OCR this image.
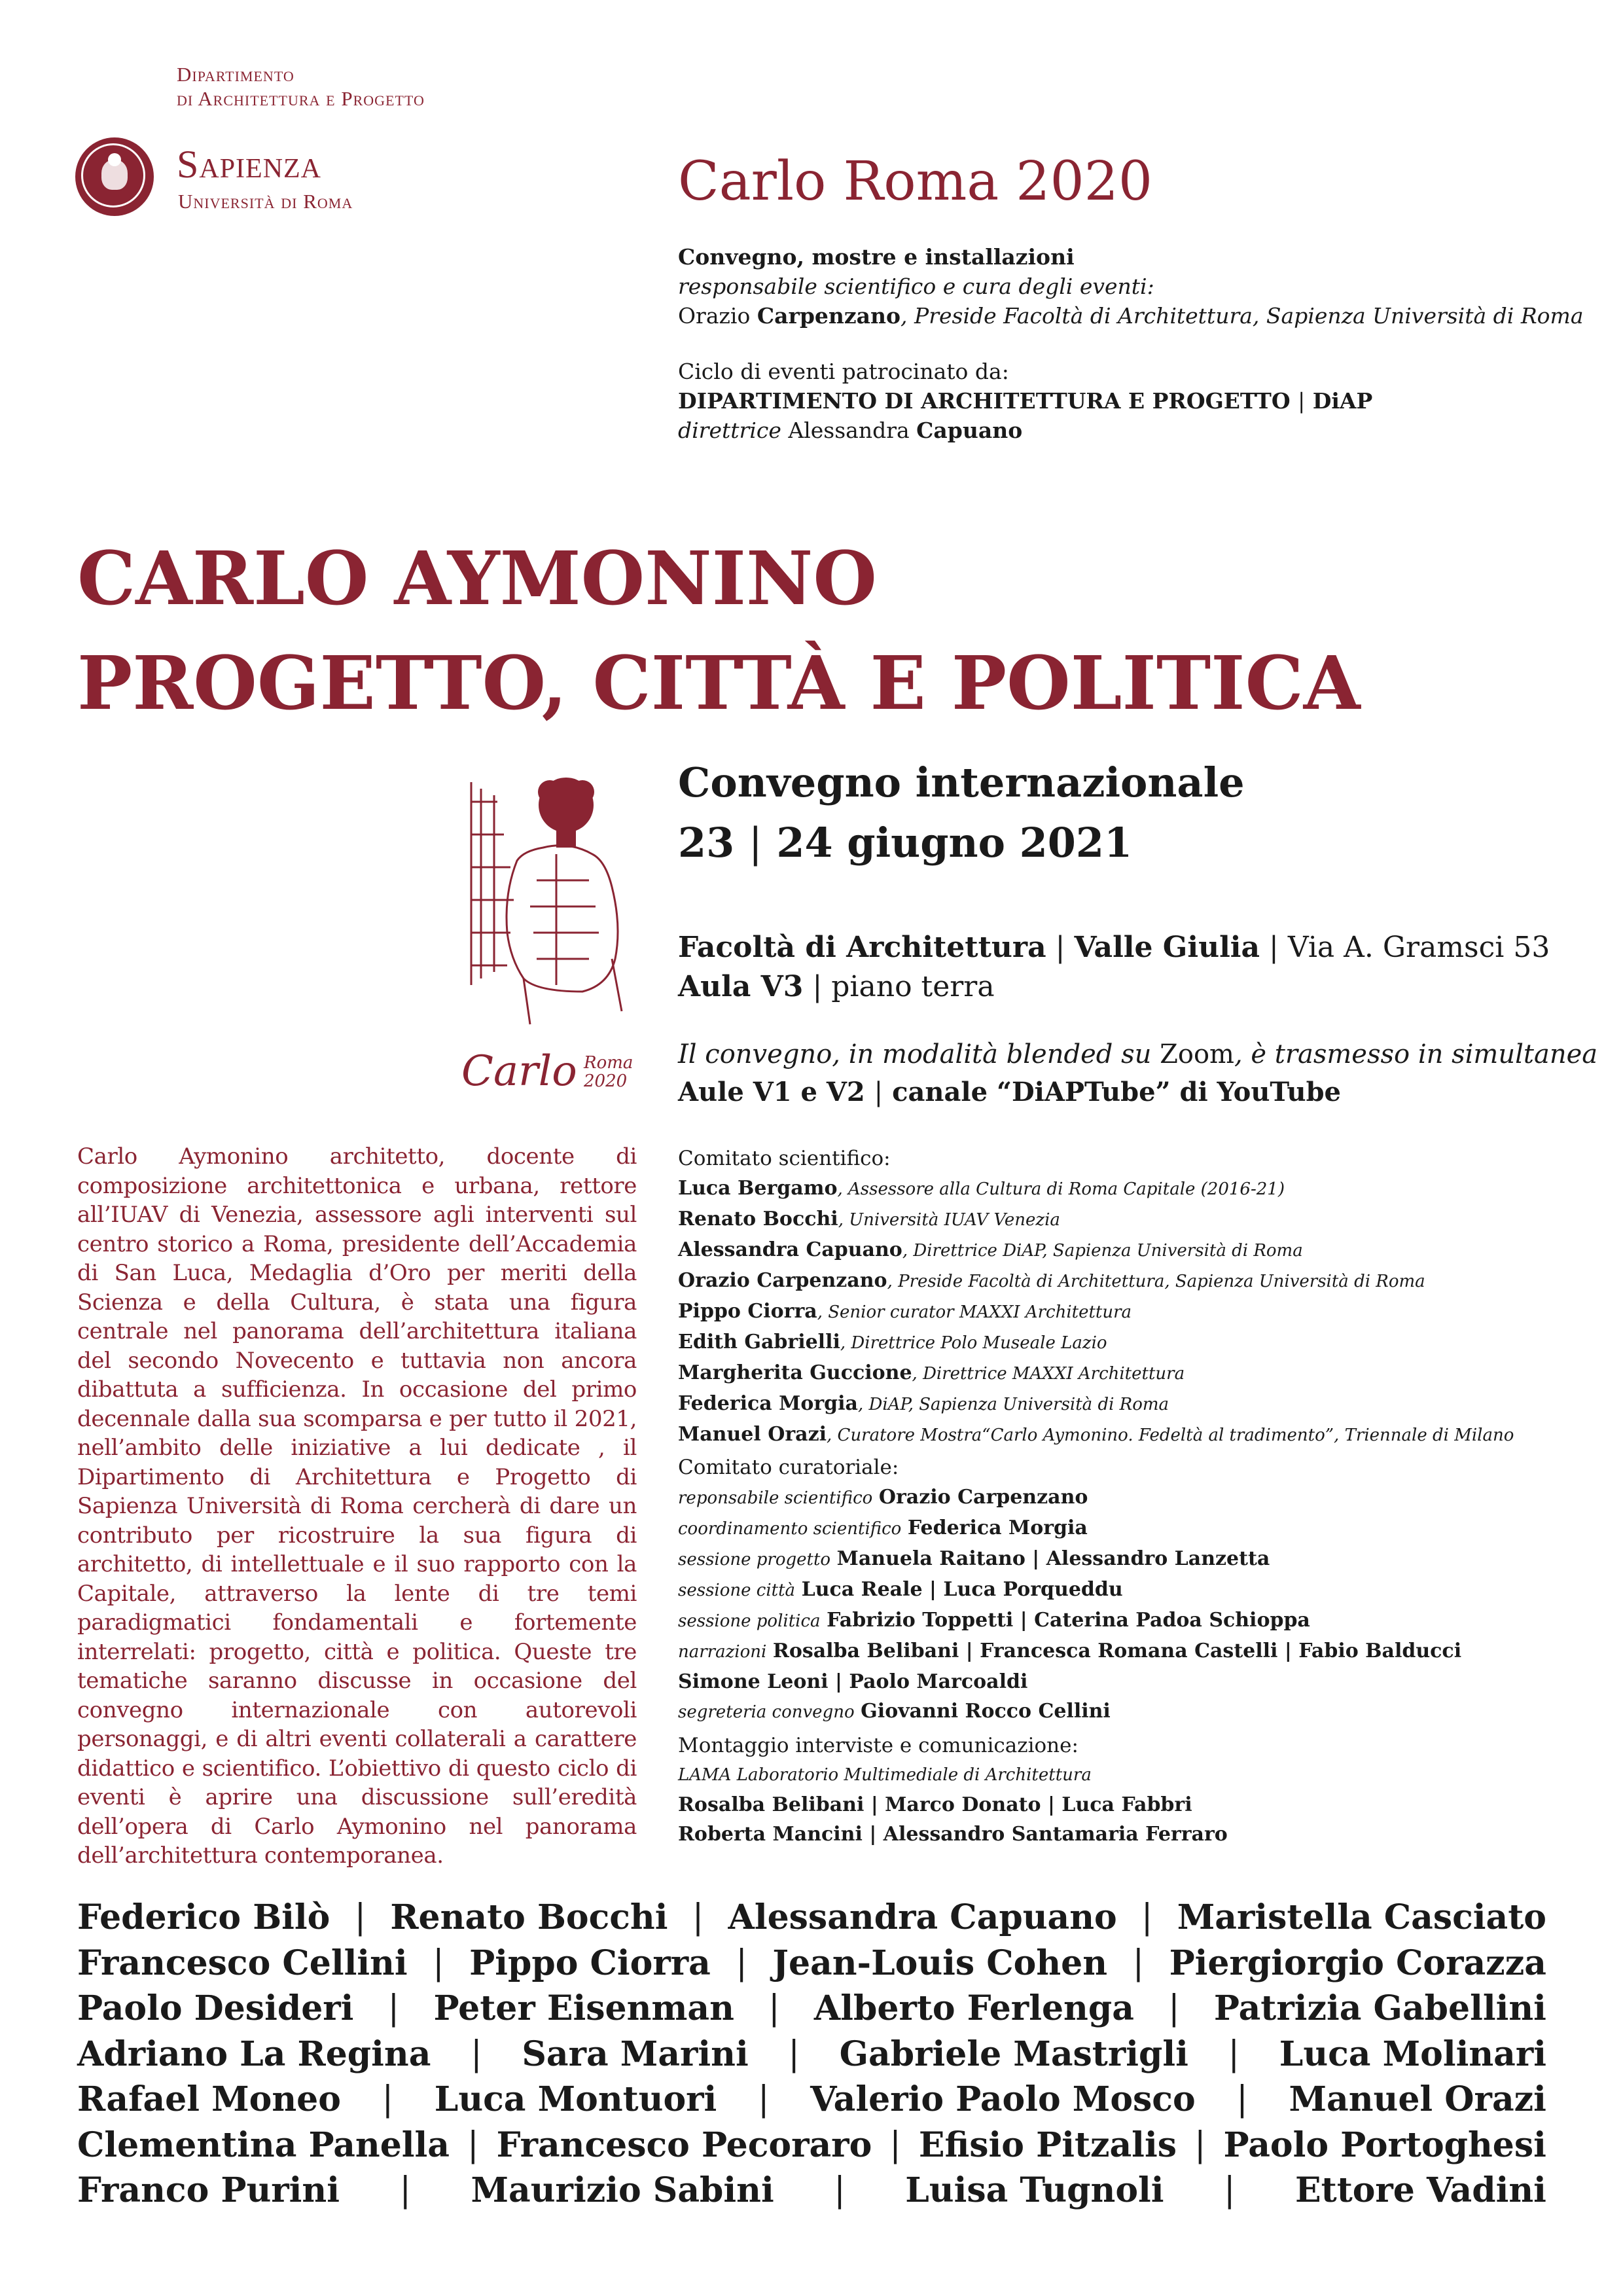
Dipartimento
di Architettura e Progetto
Sapienza
Università di Roma	Carlo Roma 2020
Convegno, mostre e installazioni
responsabile scientifico e cura degli eventi:
Orazio Carpenzano, Preside Facoltà di Architettura, Sapienza Università di Roma
Ciclo di eventi patrocinato da:
DIPARTIMENTO DI ARCHITETTURA E PROGETTO | DiAP
direttrice Alessandra Capuano
CARLO AYMONINO
PROGETTO, CITTÀ E POLITICA
Carlo Roma
2020
Convegno internazionale
23 | 24 giugno 2021
Facoltà di Architettura | Valle Giulia | Via A. Gramsci 53
Aula V3 | piano terra
Il convegno, in modalità blended su Zoom, è trasmesso in simultanea
Aule V1 e V2 | canale “DiAPTube” di YouTube
Carlo Aymonino architetto, docente di composizione architettonica e urbana, rettore all’IUAV di Venezia, assessore agli interventi sul centro storico a Roma, presidente dell’Accademia di San Luca, Medaglia d’Oro per meriti della Scienza e della Cultura, è stata una figura centrale nel panorama dell’architettura italiana del secondo Novecento e tuttavia non ancora dibattuta a sufficienza. In occasione del primo decennale dalla sua scomparsa e per tutto il 2021, nell’ambito delle iniziative a lui dedicate , il Dipartimento di Architettura e Progetto di Sapienza Università di Roma cercherà di dare un contributo per ricostruire la sua figura di architetto, di intellettuale e il suo rapporto con la Capitale, attraverso la lente di tre temi paradigmatici fondamentali e fortemente interrelati: progetto, città e politica. Queste tre tematiche saranno discusse in occasione del convegno internazionale con autorevoli personaggi, e di altri eventi collaterali a carattere didattico e scientifico. L’obiettivo di questo ciclo di eventi è aprire una discussione sull’eredità dell’opera di Carlo Aymonino nel panorama dell’architettura contemporanea.
Comitato scientifico:
Luca Bergamo, Assessore alla Cultura di Roma Capitale (2016-21)
Renato Bocchi, Università IUAV Venezia
Alessandra Capuano, Direttrice DiAP, Sapienza Università di Roma
Orazio Carpenzano, Preside Facoltà di Architettura, Sapienza Università di Roma
Pippo Ciorra, Senior curator MAXXI Architettura
Edith Gabrielli, Direttrice Polo Museale Lazio
Margherita Guccione, Direttrice MAXXI Architettura
Federica Morgia, DiAP, Sapienza Università di Roma
Manuel Orazi, Curatore Mostra“Carlo Aymonino. Fedeltà al tradimento”, Triennale di Milano
Comitato curatoriale:
reponsabile scientifico Orazio Carpenzano
coordinamento scientifico Federica Morgia
sessione progetto Manuela Raitano | Alessandro Lanzetta
sessione città Luca Reale | Luca Porqueddu
sessione politica Fabrizio Toppetti | Caterina Padoa Schioppa
narrazioni Rosalba Belibani | Francesca Romana Castelli | Fabio Balducci
Simone Leoni | Paolo Marcoaldi
segreteria convegno Giovanni Rocco Cellini
Montaggio interviste e comunicazione:
LAMA Laboratorio Multimediale di Architettura
Rosalba Belibani | Marco Donato | Luca Fabbri
Roberta Mancini | Alessandro Santamaria Ferraro
Federico Bilò | Renato Bocchi | Alessandra Capuano | Maristella Casciato
Francesco Cellini | Pippo Ciorra | Jean-Louis Cohen | Piergiorgio Corazza
Paolo Desideri | Peter Eisenman | Alberto Ferlenga | Patrizia Gabellini
Adriano La Regina | Sara Marini | Gabriele Mastrigli | Luca Molinari
Rafael Moneo | Luca Montuori | Valerio Paolo Mosco | Manuel Orazi
Clementina Panella | Francesco Pecoraro | Efisio Pitzalis | Paolo Portoghesi
Franco Purini | Maurizio Sabini | Luisa Tugnoli | Ettore Vadini
